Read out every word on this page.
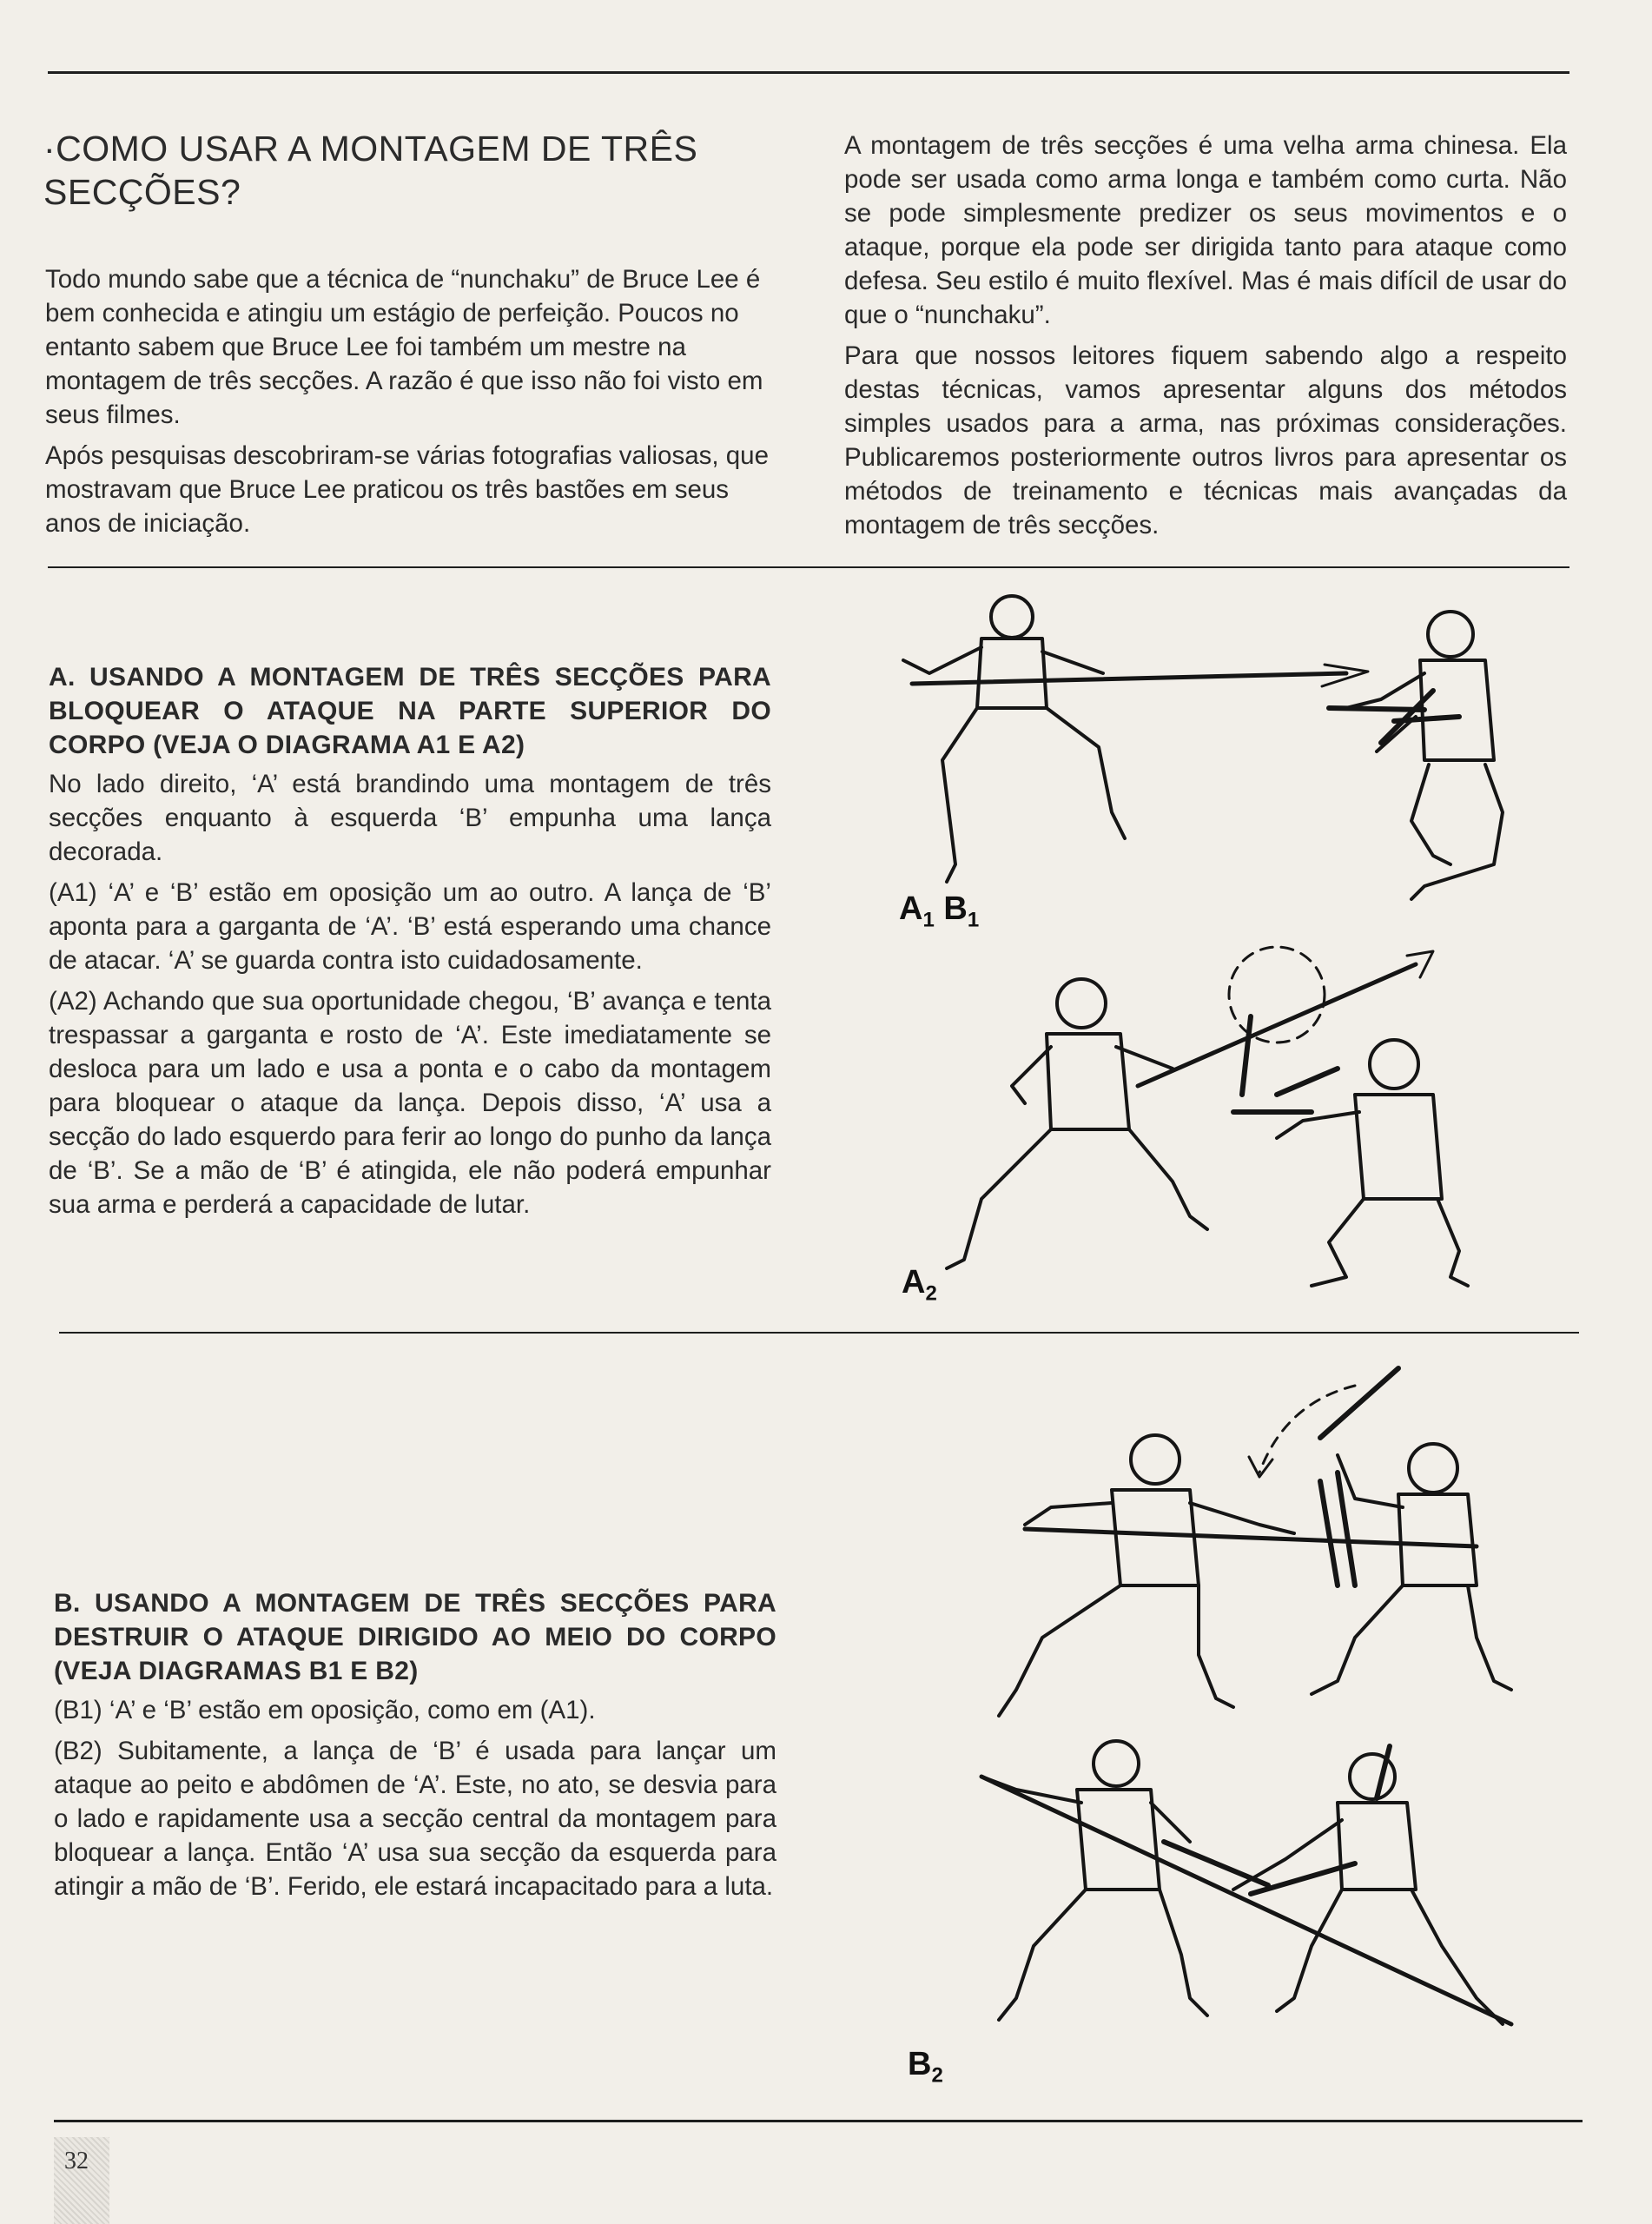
·COMO USAR A MONTAGEM DE TRÊS SECÇÕES?

Todo mundo sabe que a técnica de “nunchaku” de Bruce Lee é bem conhecida e atingiu um estágio de perfeição. Poucos no entanto sabem que Bruce Lee foi também um mestre na montagem de três secções. A razão é que isso não foi visto em seus filmes.

Após pesquisas descobriram-se várias fotografias valiosas, que mostravam que Bruce Lee praticou os três bastões em seus anos de iniciação.

A montagem de três secções é uma velha arma chinesa. Ela pode ser usada como arma longa e também como curta. Não se pode simplesmente predizer os seus movimentos e o ataque, porque ela pode ser dirigida tanto para ataque como defesa. Seu estilo é muito flexível. Mas é mais difícil de usar do que o “nunchaku”.

Para que nossos leitores fiquem sabendo algo a respeito destas técnicas, vamos apresentar alguns dos métodos simples usados para a arma, nas próximas considerações. Publicaremos posteriormente outros livros para apresentar os métodos de treinamento e técnicas mais avançadas da montagem de três secções.

A. USANDO A MONTAGEM DE TRÊS SECÇÕES PARA BLOQUEAR O ATAQUE NA PARTE SUPERIOR DO CORPO (VEJA O DIAGRAMA A1 E A2)

No lado direito, ‘A’ está brandindo uma montagem de três secções enquanto à esquerda ‘B’ empunha uma lança decorada.

(A1) ‘A’ e ‘B’ estão em oposição um ao outro. A lança de ‘B’ aponta para a garganta de ‘A’. ‘B’ está esperando uma chance de atacar. ‘A’ se guarda contra isto cuidadosamente.

(A2) Achando que sua oportunidade chegou, ‘B’ avança e tenta trespassar a garganta e rosto de ‘A’. Este imediatamente se desloca para um lado e usa a ponta e o cabo da montagem para bloquear o ataque da lança. Depois disso, ‘A’ usa a secção do lado esquerdo para ferir ao longo do punho da lança de ‘B’. Se a mão de ‘B’ é atingida, ele não poderá empunhar sua arma e perderá a capacidade de lutar.

B. USANDO A MONTAGEM DE TRÊS SECÇÕES PARA DESTRUIR O ATAQUE DIRIGIDO AO MEIO DO CORPO (VEJA DIAGRAMAS B1 E B2)

(B1) ‘A’ e ‘B’ estão em oposição, como em (A1).

(B2) Subitamente, a lança de ‘B’ é usada para lançar um ataque ao peito e abdômen de ‘A’. Este, no ato, se desvia para o lado e rapidamente usa a secção central da montagem para bloquear a lança. Então ‘A’ usa sua secção da esquerda para atingir a mão de ‘B’. Ferido, ele estará incapacitado para a luta.

$A_1$ $B_1$
$A_2$
$B_2$
32
